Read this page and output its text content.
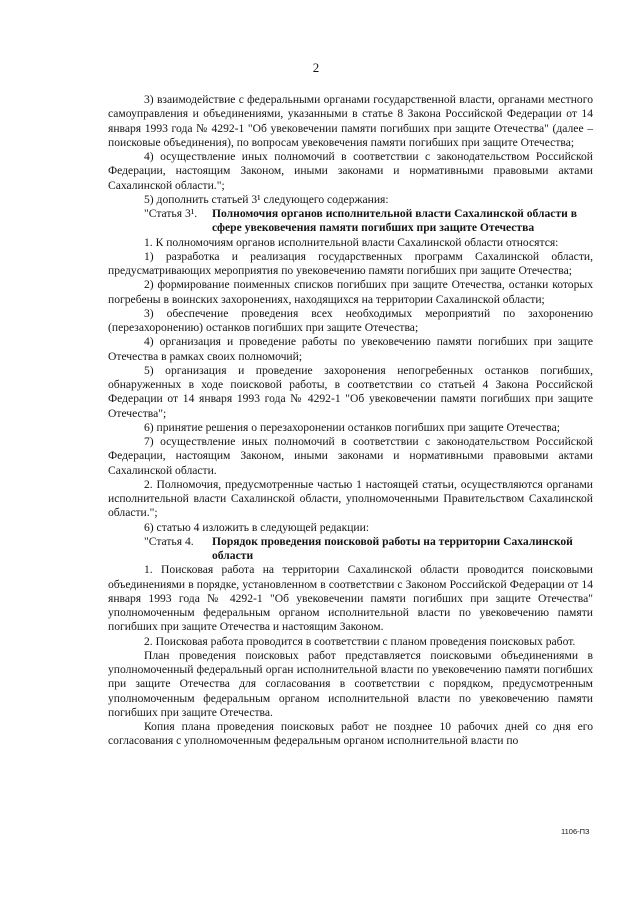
2

3) взаимодействие с федеральными органами государственной власти, органами местного самоуправления и объединениями, указанными в статье 8 Закона Российской Федерации от 14 января 1993 года № 4292-1 "Об увековечении памяти погибших при защите Отечества" (далее – поисковые объединения), по вопросам увековечения памяти погибших при защите Отечества;

4) осуществление иных полномочий в соответствии с законодательством Российской Федерации, настоящим Законом, иными законами и нормативными правовыми актами Сахалинской области.";

5) дополнить статьей 3¹ следующего содержания:

"Статья 3¹.	Полномочия органов исполнительной власти Сахалинской области в сфере увековечения памяти погибших при защите Отечества

1. К полномочиям органов исполнительной власти Сахалинской области относятся:

1) разработка и реализация государственных программ Сахалинской области, предусматривающих мероприятия по увековечению памяти погибших при защите Отечества;

2) формирование поименных списков погибших при защите Отечества, останки которых погребены в воинских захоронениях, находящихся на территории Сахалинской области;

3) обеспечение проведения всех необходимых мероприятий по захоронению (перезахоронению) останков погибших при защите Отечества;

4) организация и проведение работы по увековечению памяти погибших при защите Отечества в рамках своих полномочий;

5) организация и проведение захоронения непогребенных останков погибших, обнаруженных в ходе поисковой работы, в соответствии со статьей 4 Закона Российской Федерации от 14 января 1993 года № 4292-1 "Об увековечении памяти погибших при защите Отечества";

6) принятие решения о перезахоронении останков погибших при защите Отечества;

7) осуществление иных полномочий в соответствии с законодательством Российской Федерации, настоящим Законом, иными законами и нормативными правовыми актами Сахалинской области.

2. Полномочия, предусмотренные частью 1 настоящей статьи, осуществляются органами исполнительной власти Сахалинской области, уполномоченными Правительством Сахалинской области.";

6) статью 4 изложить в следующей редакции:

"Статья 4.	Порядок проведения поисковой работы на территории Сахалинской области

1. Поисковая работа на территории Сахалинской области проводится поисковыми объединениями в порядке, установленном в соответствии с Законом Российской Федерации от 14 января 1993 года № 4292-1 "Об увековечении памяти погибших при защите Отечества" уполномоченным федеральным органом исполнительной власти по увековечению памяти погибших при защите Отечества и настоящим Законом.

2. Поисковая работа проводится в соответствии с планом проведения поисковых работ.

План проведения поисковых работ представляется поисковыми объединениями в уполномоченный федеральный орган исполнительной власти по увековечению памяти погибших при защите Отечества для согласования в соответствии с порядком, предусмотренным уполномоченным федеральным органом исполнительной власти по увековечению памяти погибших при защите Отечества.

Копия плана проведения поисковых работ не позднее 10 рабочих дней со дня его согласования с уполномоченным федеральным органом исполнительной власти по

1106-ПЗ
